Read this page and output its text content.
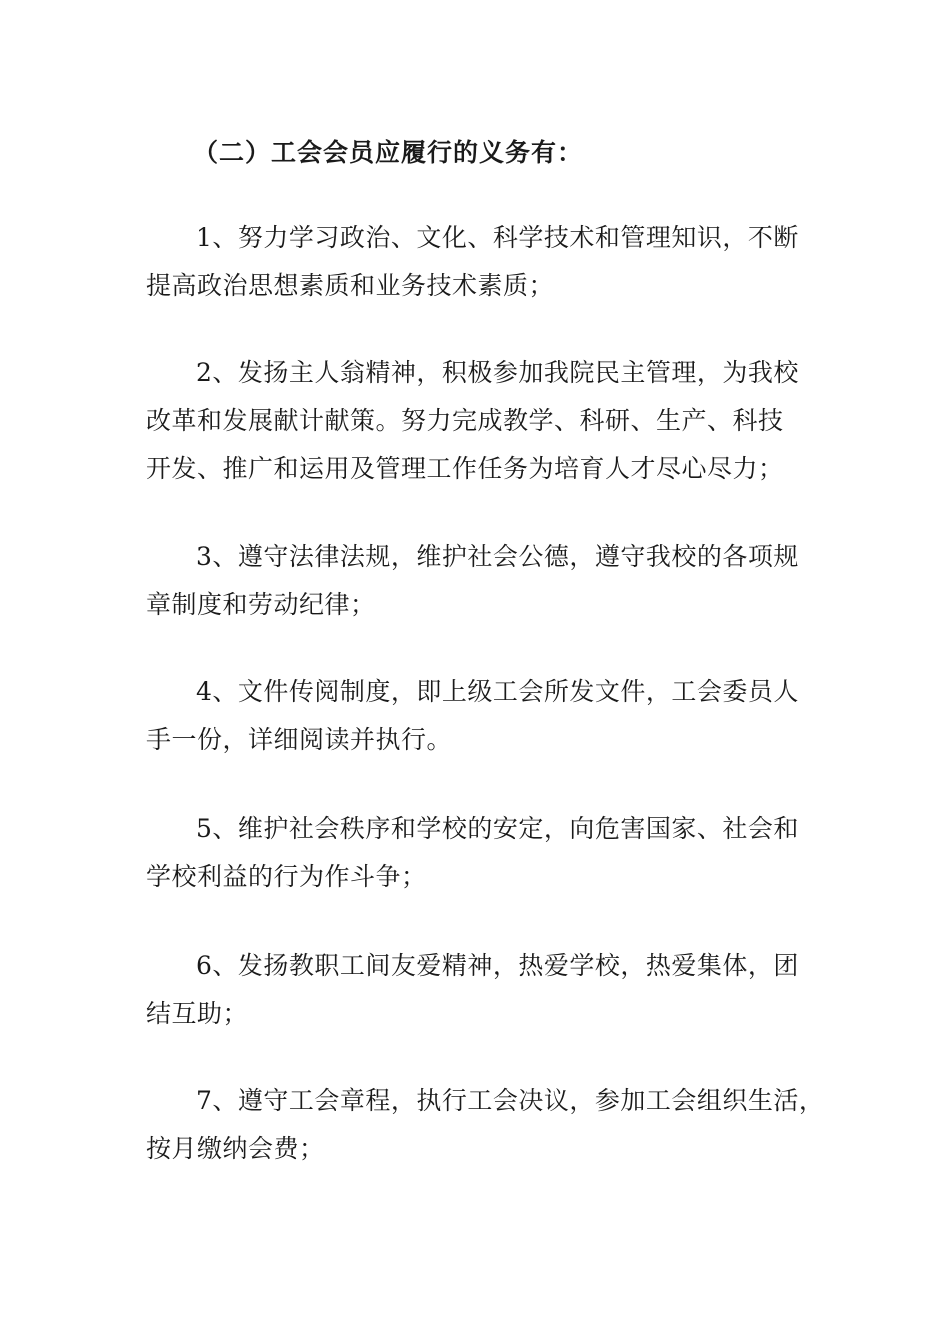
（二）工会会员应履行的义务有：
1、努力学习政治、文化、科学技术和管理知识，不断
提高政治思想素质和业务技术素质；
2、发扬主人翁精神，积极参加我院民主管理，为我校
改革和发展献计献策。努力完成教学、科研、生产、科技
开发、推广和运用及管理工作任务为培育人才尽心尽力；
3、遵守法律法规，维护社会公德，遵守我校的各项规
章制度和劳动纪律；
4、文件传阅制度，即上级工会所发文件，工会委员人
手一份，详细阅读并执行。
5、维护社会秩序和学校的安定，向危害国家、社会和
学校利益的行为作斗争；
6、发扬教职工间友爱精神，热爱学校，热爱集体，团
结互助；
7、遵守工会章程，执行工会决议，参加工会组织生活，
按月缴纳会费；
